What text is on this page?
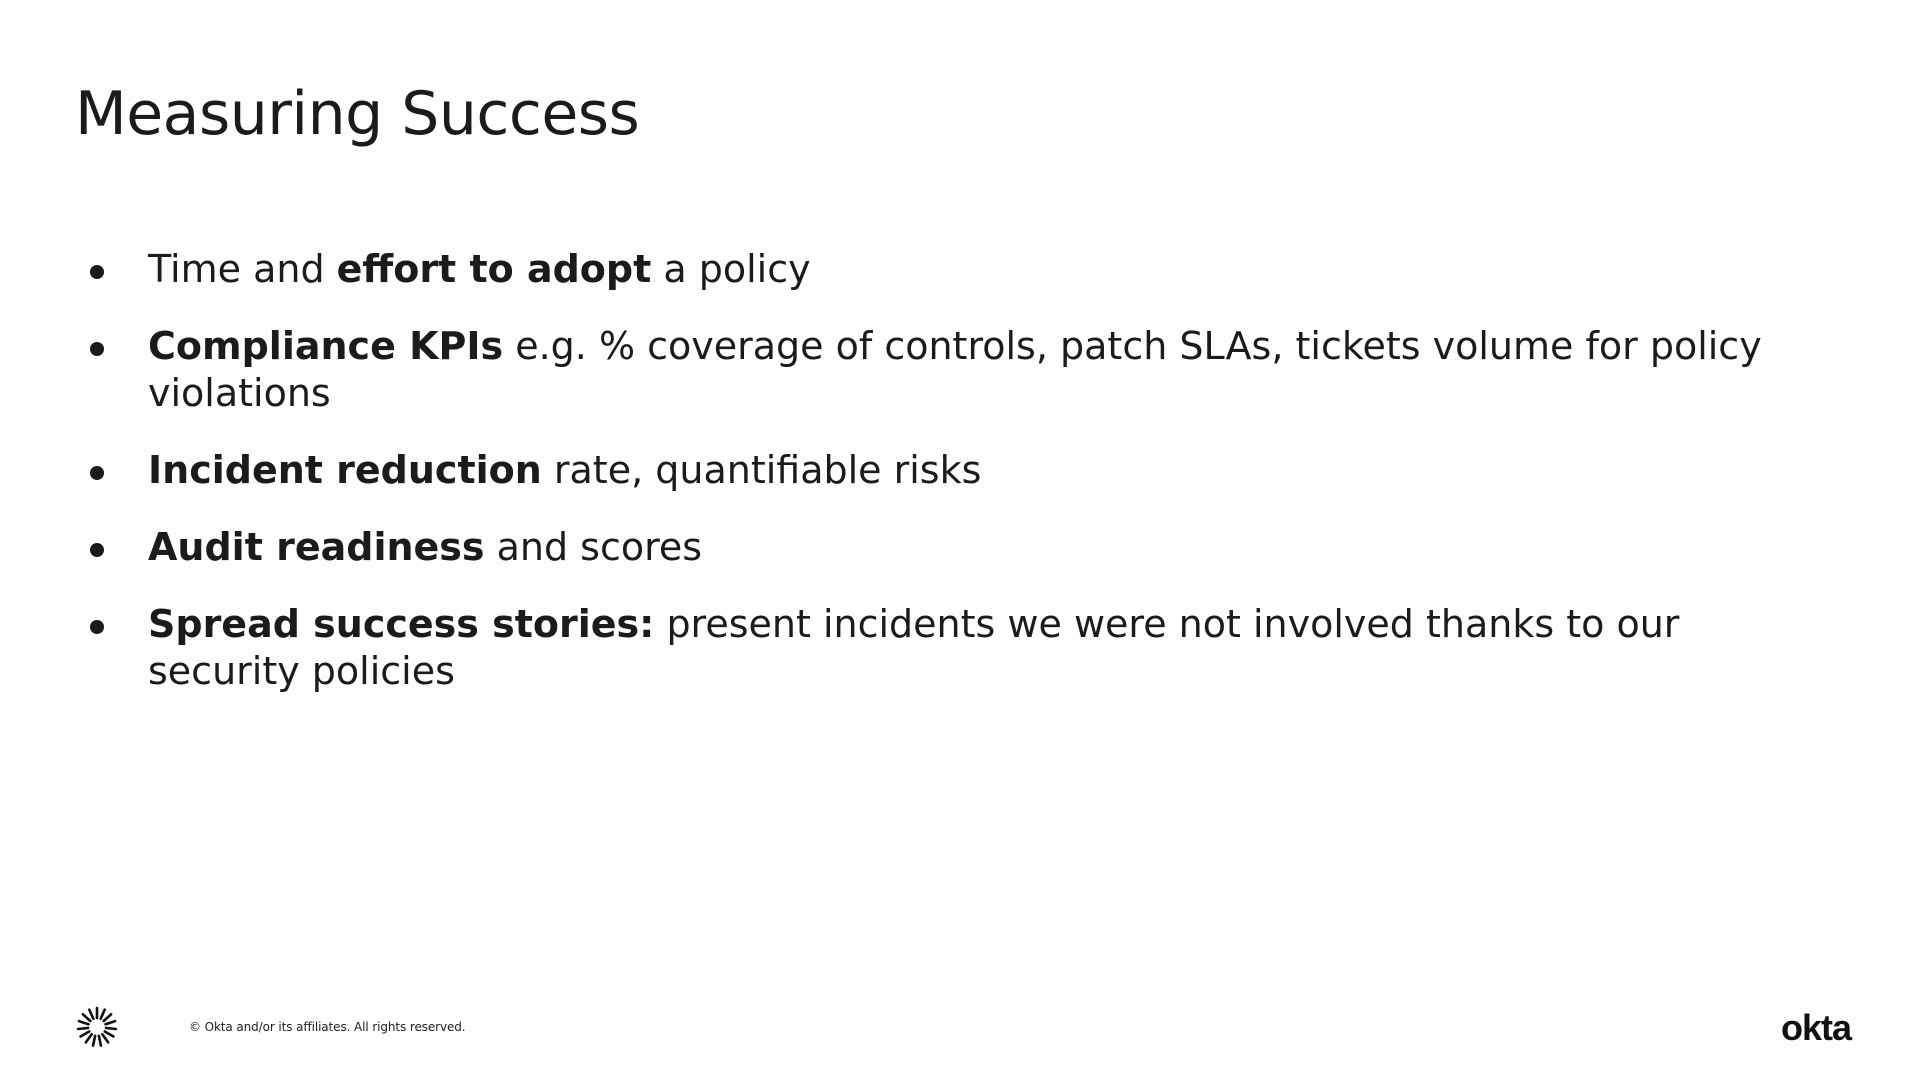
Measuring Success
Time and effort to adopt a policy
Compliance KPIs e.g. % coverage of controls, patch SLAs, tickets volume for policy violations
Incident reduction rate, quantifiable risks
Audit readiness and scores
Spread success stories: present incidents we were not involved thanks to our security policies
© Okta and/or its affiliates. All rights reserved.	okta
